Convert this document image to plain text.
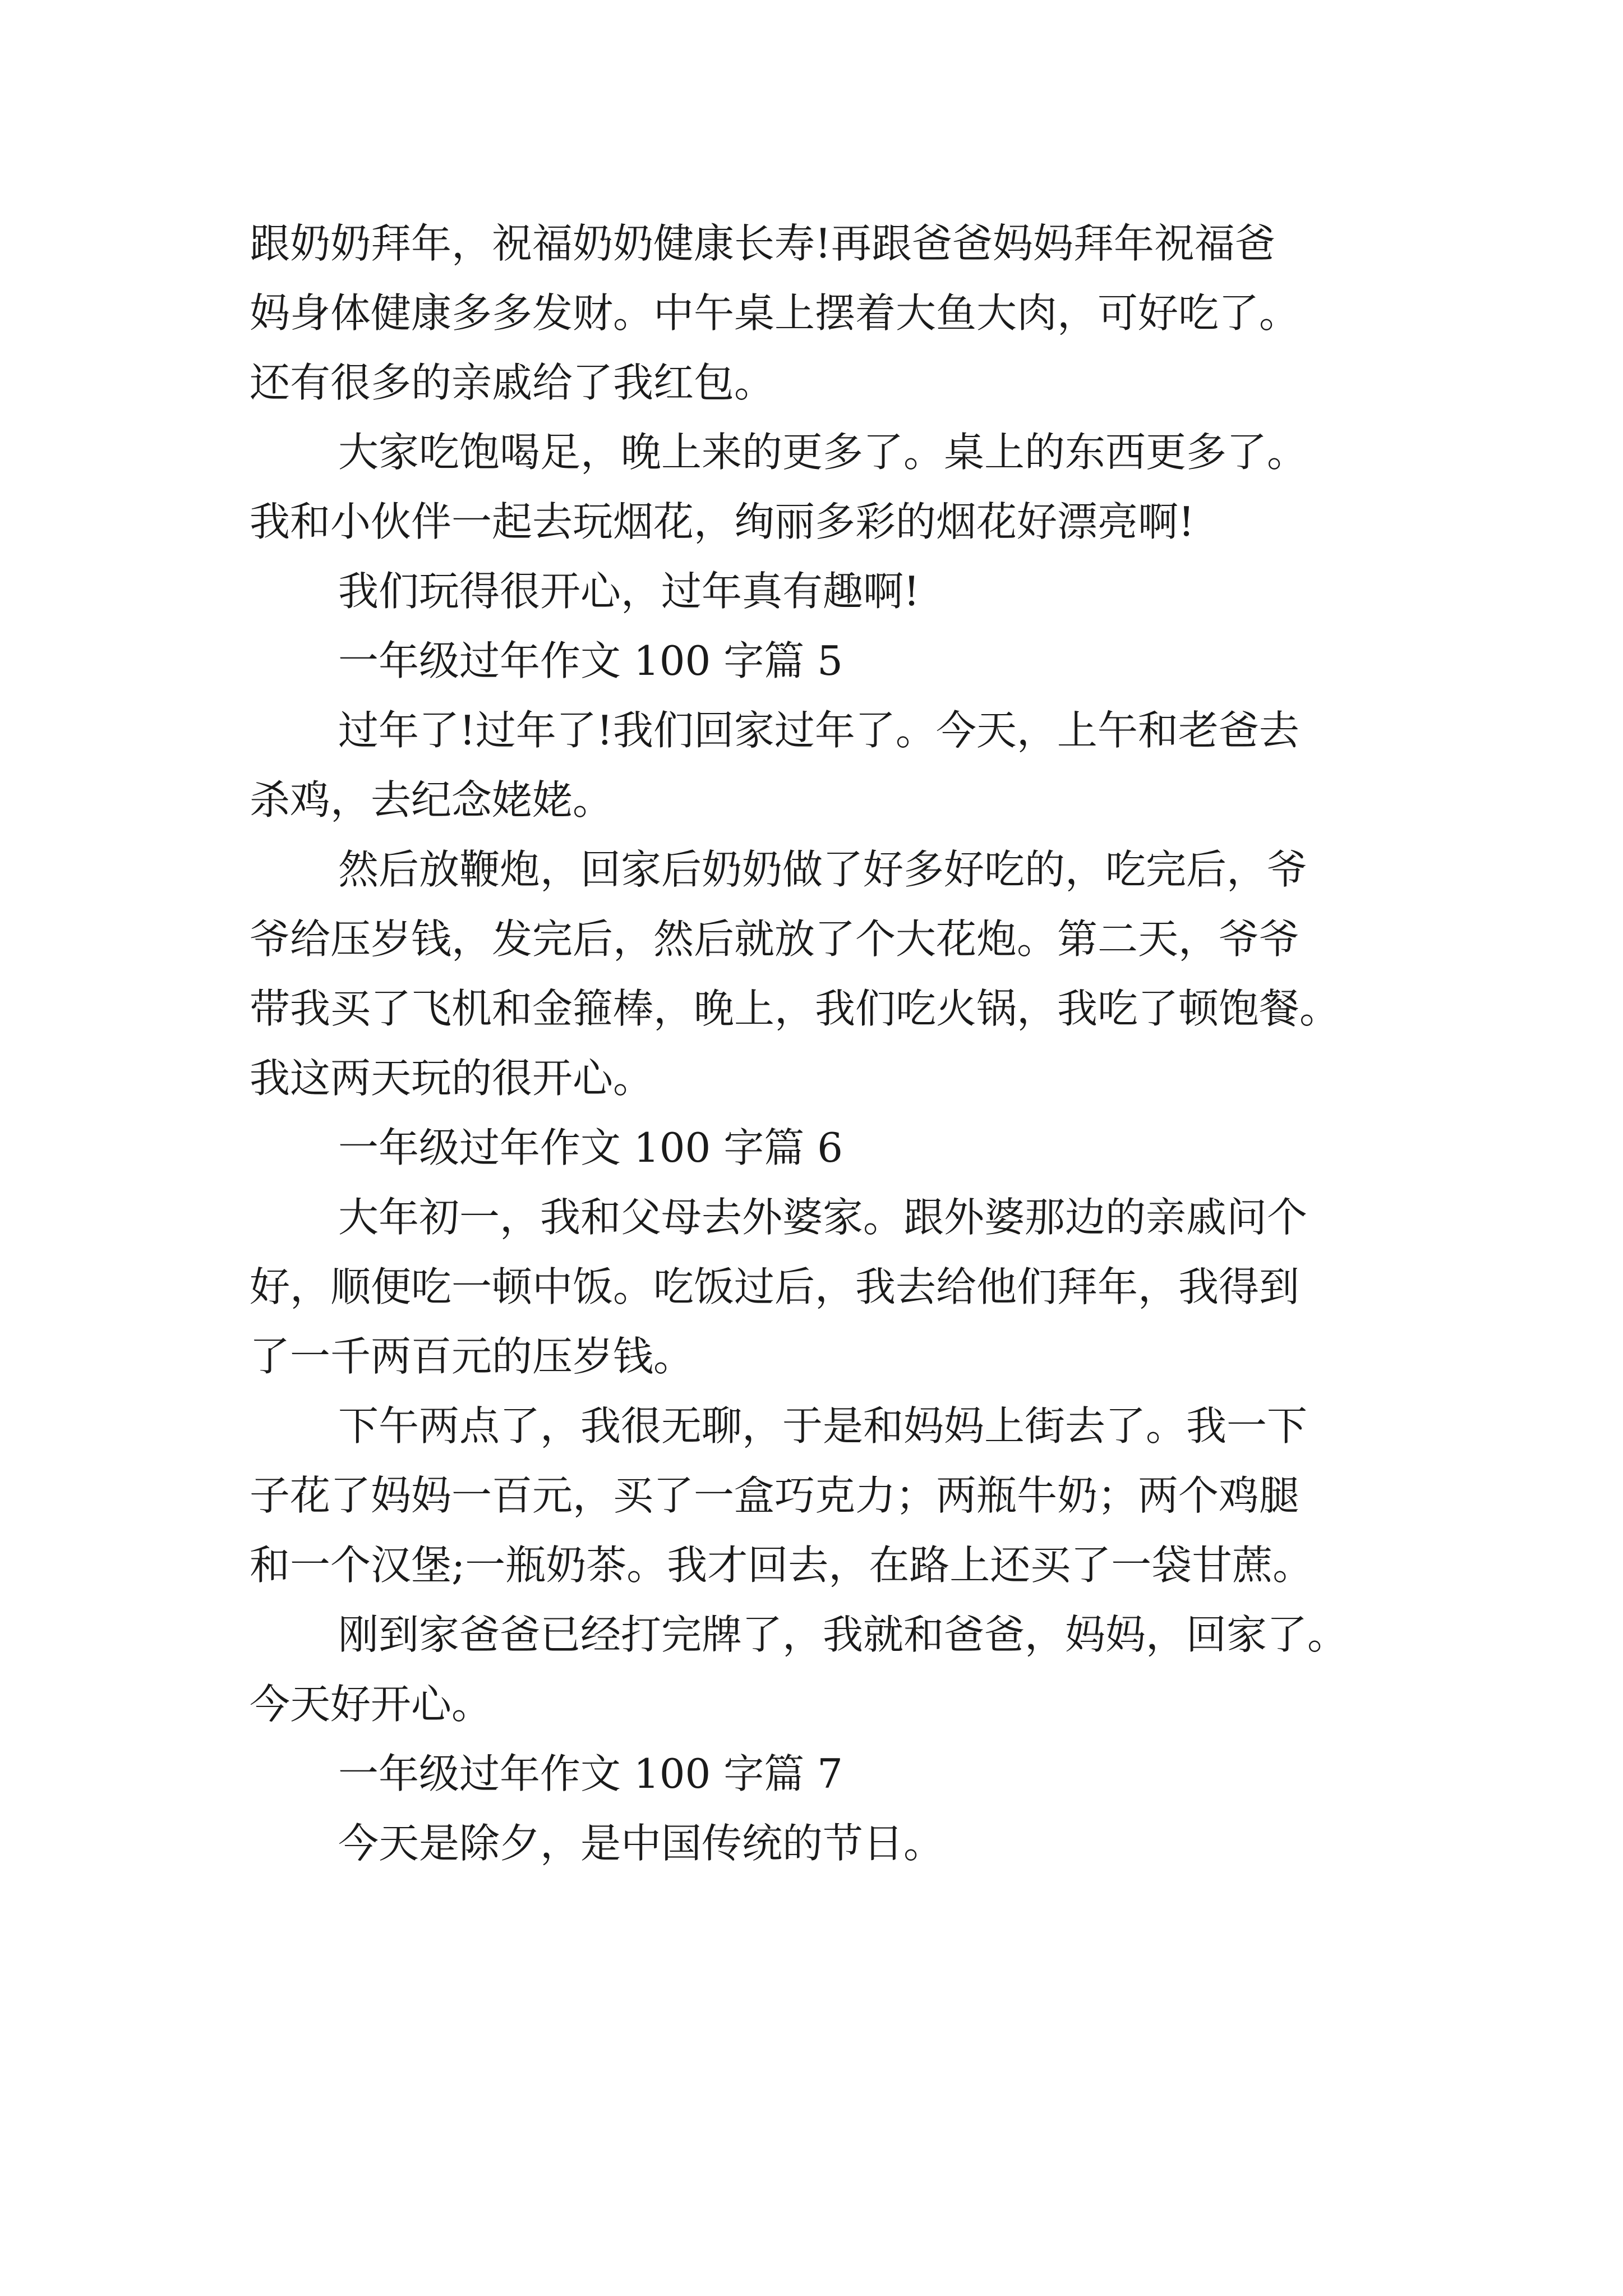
跟奶奶拜年，祝福奶奶健康长寿!再跟爸爸妈妈拜年祝福爸

妈身体健康多多发财。中午桌上摆着大鱼大肉，可好吃了。

还有很多的亲戚给了我红包。

大家吃饱喝足，晚上来的更多了。桌上的东西更多了。

我和小伙伴一起去玩烟花，绚丽多彩的烟花好漂亮啊!

我们玩得很开心，过年真有趣啊!

一年级过年作文 100 字篇 5

过年了!过年了!我们回家过年了。今天，上午和老爸去

杀鸡，去纪念姥姥。

然后放鞭炮，回家后奶奶做了好多好吃的，吃完后，爷

爷给压岁钱，发完后，然后就放了个大花炮。第二天，爷爷

带我买了飞机和金箍棒，晚上，我们吃火锅，我吃了顿饱餐。

我这两天玩的很开心。

一年级过年作文 100 字篇 6

大年初一，我和父母去外婆家。跟外婆那边的亲戚问个

好，顺便吃一顿中饭。吃饭过后，我去给他们拜年，我得到

了一千两百元的压岁钱。

下午两点了，我很无聊，于是和妈妈上街去了。我一下

子花了妈妈一百元，买了一盒巧克力；两瓶牛奶；两个鸡腿

和一个汉堡;一瓶奶茶。我才回去，在路上还买了一袋甘蔗。

刚到家爸爸已经打完牌了，我就和爸爸，妈妈，回家了。

今天好开心。

一年级过年作文 100 字篇 7

今天是除夕，是中国传统的节日。
